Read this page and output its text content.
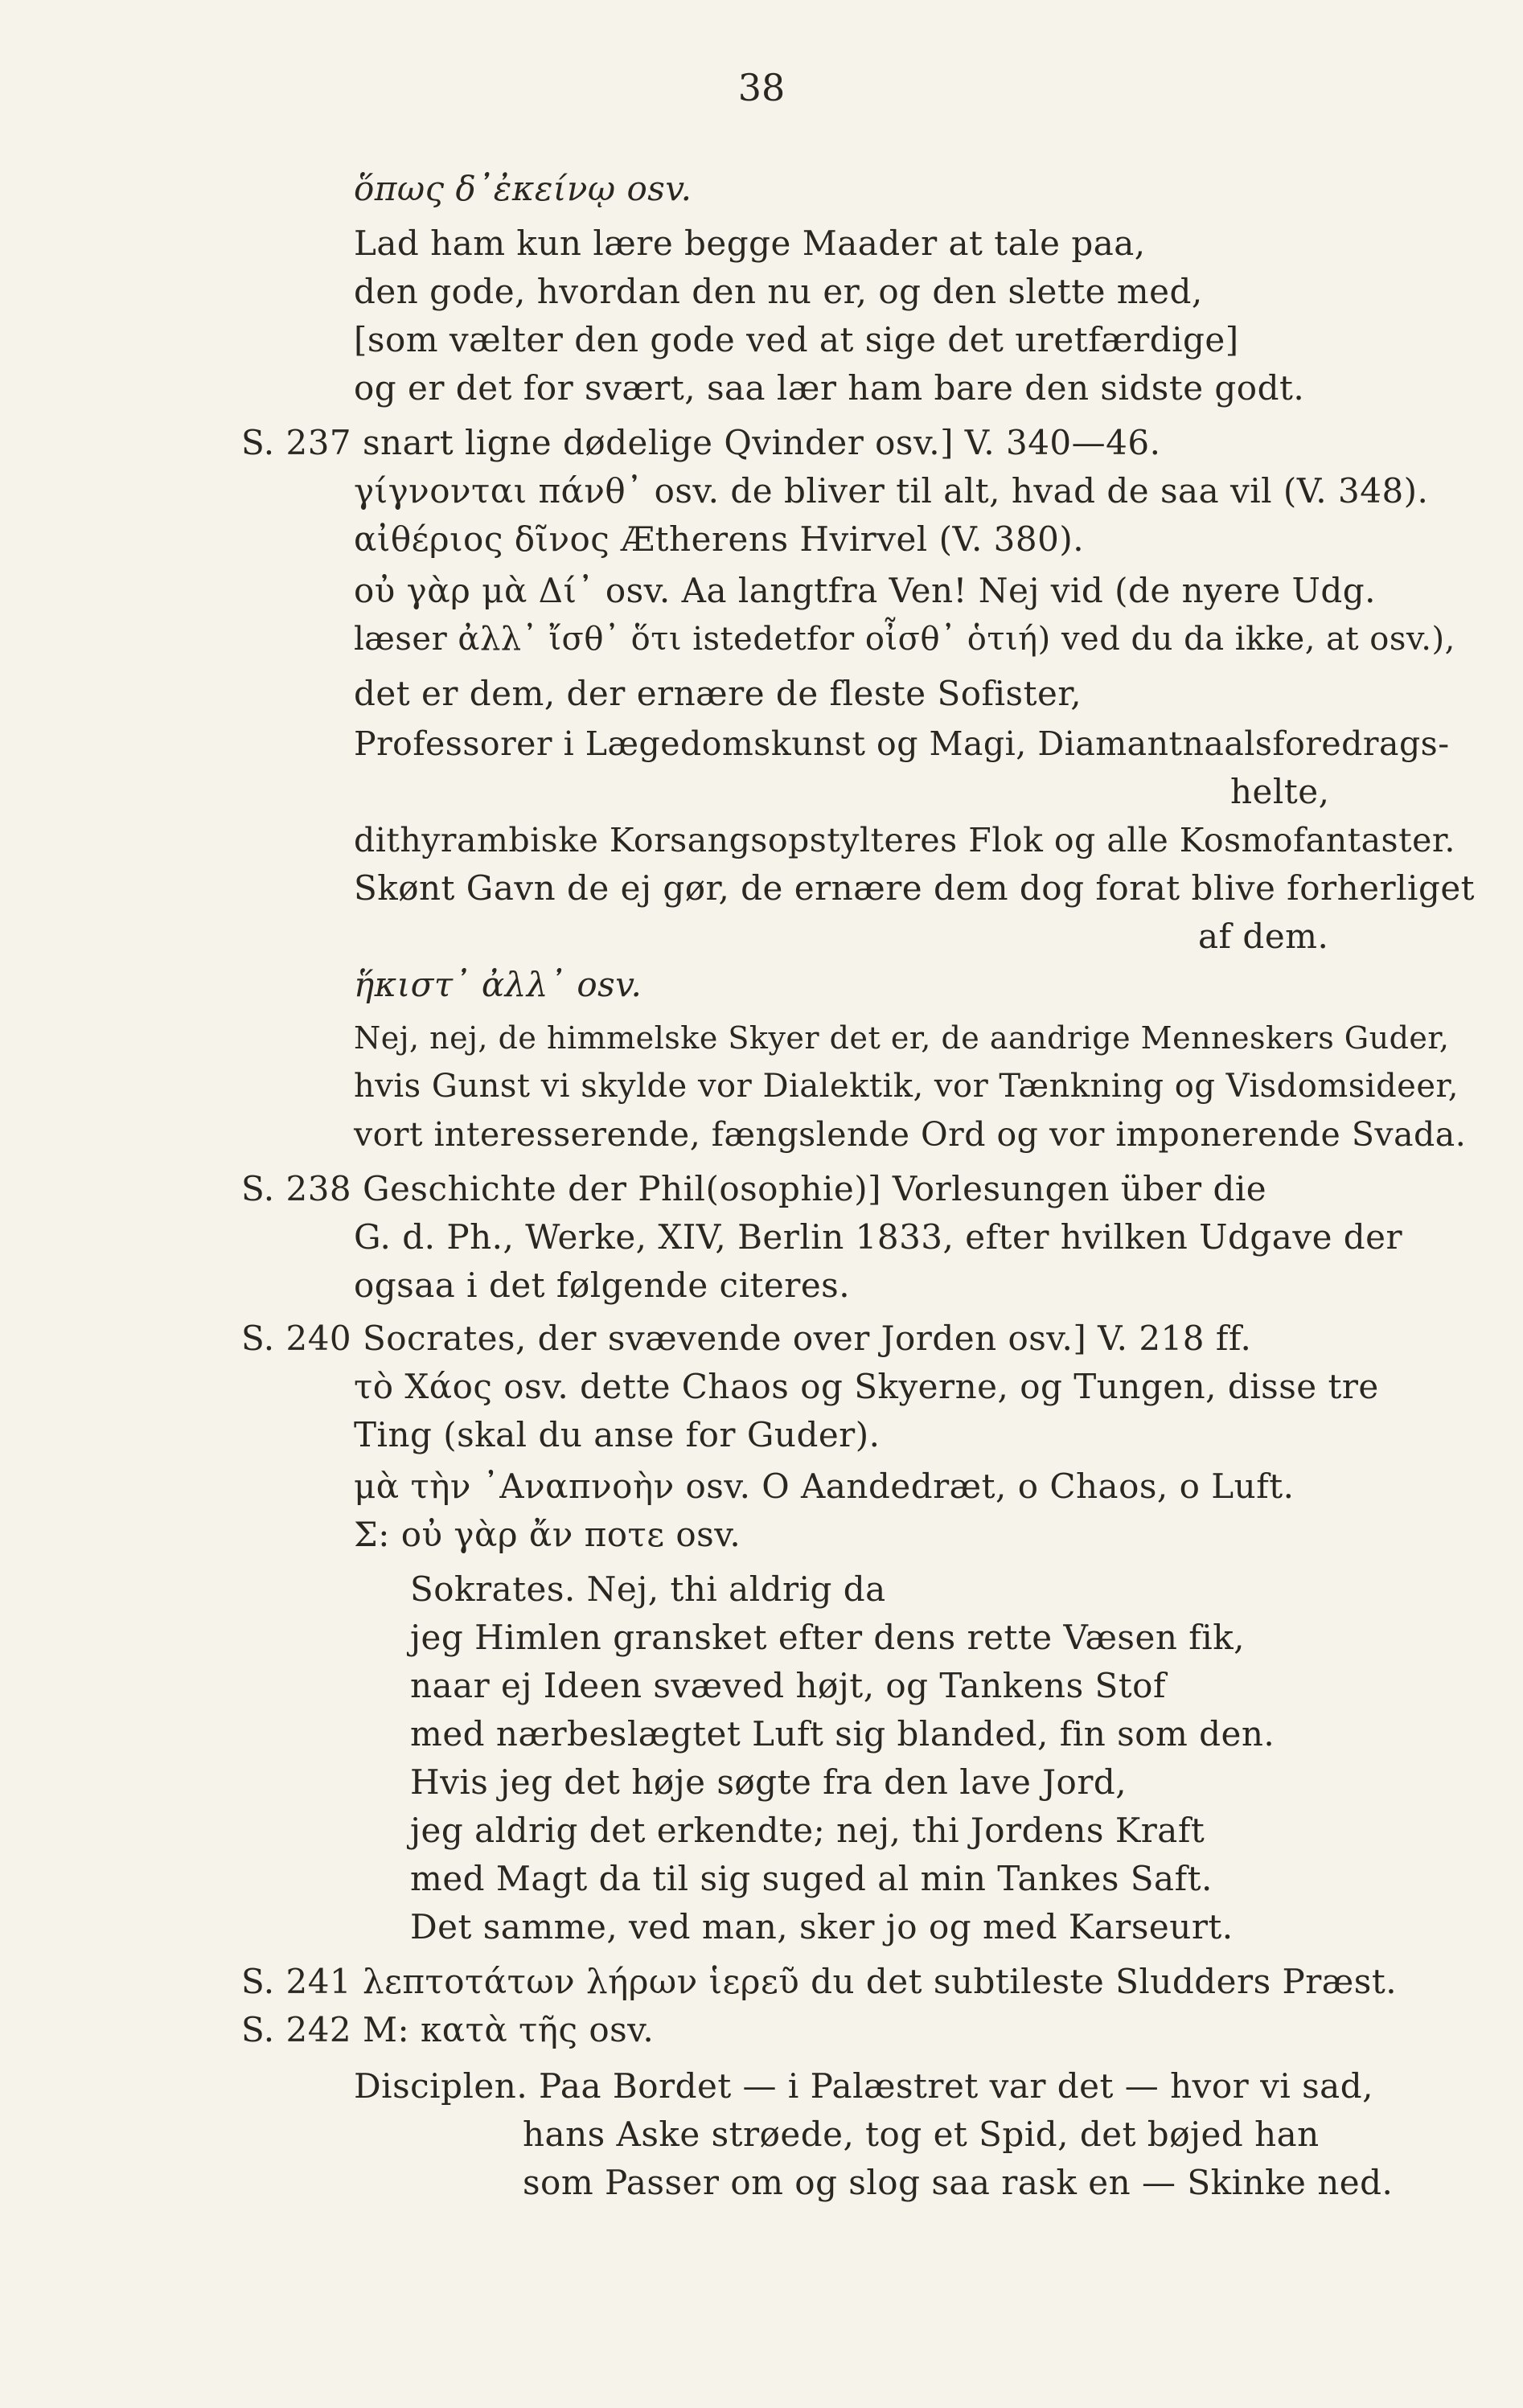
38
ὅπως δ᾽ἐκείνῳ osv.
Lad ham kun lære begge Maader at tale paa,
den gode, hvordan den nu er, og den slette med,
[som vælter den gode ved at sige det uretfærdige]
og er det for svært, saa lær ham bare den sidste godt.
S. 237 snart ligne dødelige Qvinder osv.] V. 340—46.
γίγνονται πάνθ᾽ osv. de bliver til alt, hvad de saa vil (V. 348).
αἰθέριος δῖνος Ætherens Hvirvel (V. 380).
οὐ γὰρ μὰ Δί᾽ osv. Aa langtfra Ven! Nej vid (de nyere Udg.
læser ἀλλ᾽ ἴσθ᾽ ὅτι istedetfor οἶσθ᾽ ὁτιή) ved du da ikke, at osv.),
det er dem, der ernære de fleste Sofister,
Professorer i Lægedomskunst og Magi, Diamantnaalsforedrags-
helte,
dithyrambiske Korsangsopstylteres Flok og alle Kosmofantaster.
Skønt Gavn de ej gør, de ernære dem dog forat blive forherliget
af dem.
ἥκιστ᾽ ἀλλ᾽ osv.
Nej, nej, de himmelske Skyer det er, de aandrige Menneskers Guder,
hvis Gunst vi skylde vor Dialektik, vor Tænkning og Visdomsideer,
vort interesserende, fængslende Ord og vor imponerende Svada.
S. 238 Geschichte der Phil(osophie)] Vorlesungen über die
G. d. Ph., Werke, XIV, Berlin 1833, efter hvilken Udgave der
ogsaa i det følgende citeres.
S. 240 Socrates, der svævende over Jorden osv.] V. 218 ff.
τὸ Χάος osv. dette Chaos og Skyerne, og Tungen, disse tre
Ting (skal du anse for Guder).
μὰ τὴν ᾽Αναπνοὴν osv. O Aandedræt, o Chaos, o Luft.
Σ: οὐ γὰρ ἄν ποτε osv.
Sokrates. Nej, thi aldrig da
jeg Himlen gransket efter dens rette Væsen fik,
naar ej Ideen svæved højt, og Tankens Stof
med nærbeslægtet Luft sig blanded, fin som den.
Hvis jeg det høje søgte fra den lave Jord,
jeg aldrig det erkendte; nej, thi Jordens Kraft
med Magt da til sig suged al min Tankes Saft.
Det samme, ved man, sker jo og med Karseurt.
S. 241 λεπτοτάτων λήρων ἱερεῦ du det subtileste Sludders Præst.
S. 242 M: κατὰ τῆς osv.
Disciplen. Paa Bordet — i Palæstret var det — hvor vi sad,
hans Aske strøede, tog et Spid, det bøjed han
som Passer om og slog saa rask en — Skinke ned.
